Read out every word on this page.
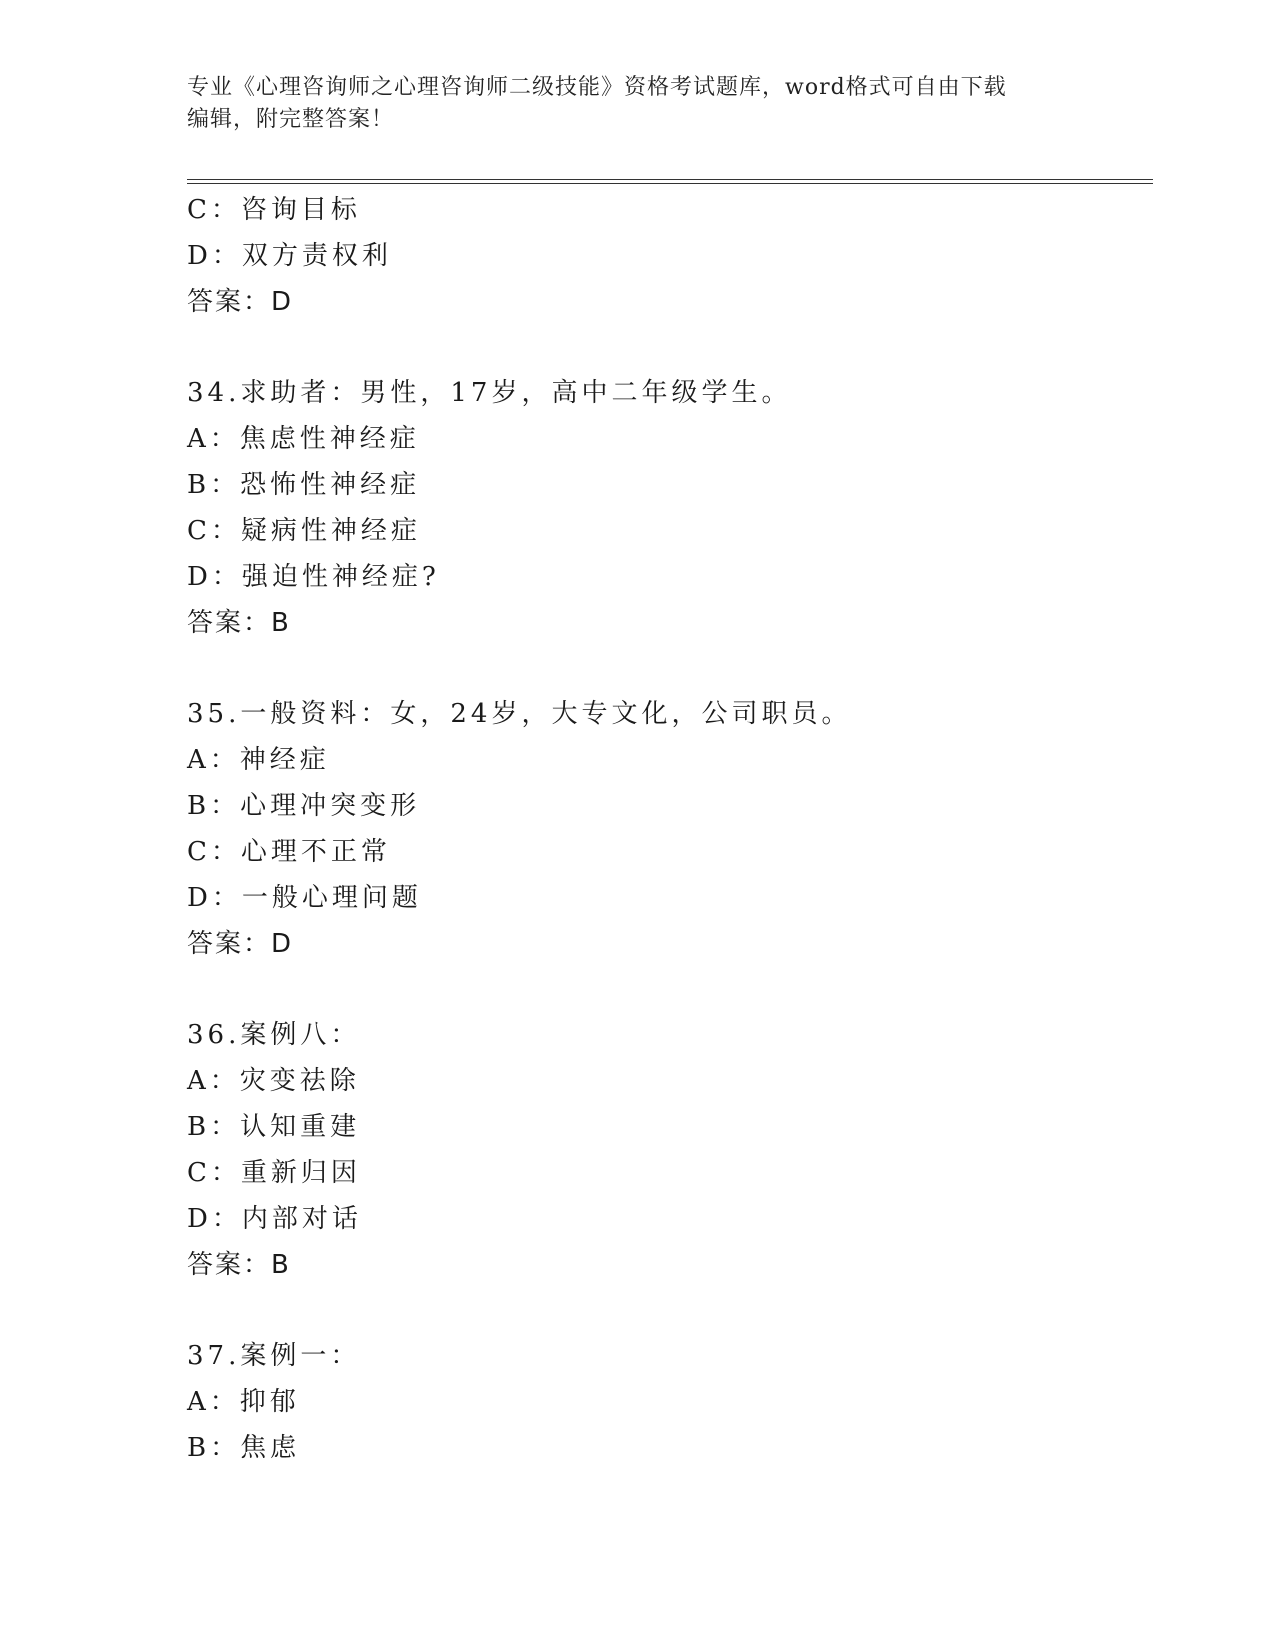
专业《心理咨询师之心理咨询师二级技能》资格考试题库，word格式可自由下载
编辑，附完整答案！
C：咨询目标
D：双方责权利
答案：D
34.求助者：男性，17岁，高中二年级学生。
A：焦虑性神经症
B：恐怖性神经症
C：疑病性神经症
D：强迫性神经症?
答案：B
35.一般资料：女，24岁，大专文化，公司职员。
A：神经症
B：心理冲突变形
C：心理不正常
D：一般心理问题
答案：D
36.案例八：
A：灾变祛除
B：认知重建
C：重新归因
D：内部对话
答案：B
37.案例一：
A：抑郁
B：焦虑
